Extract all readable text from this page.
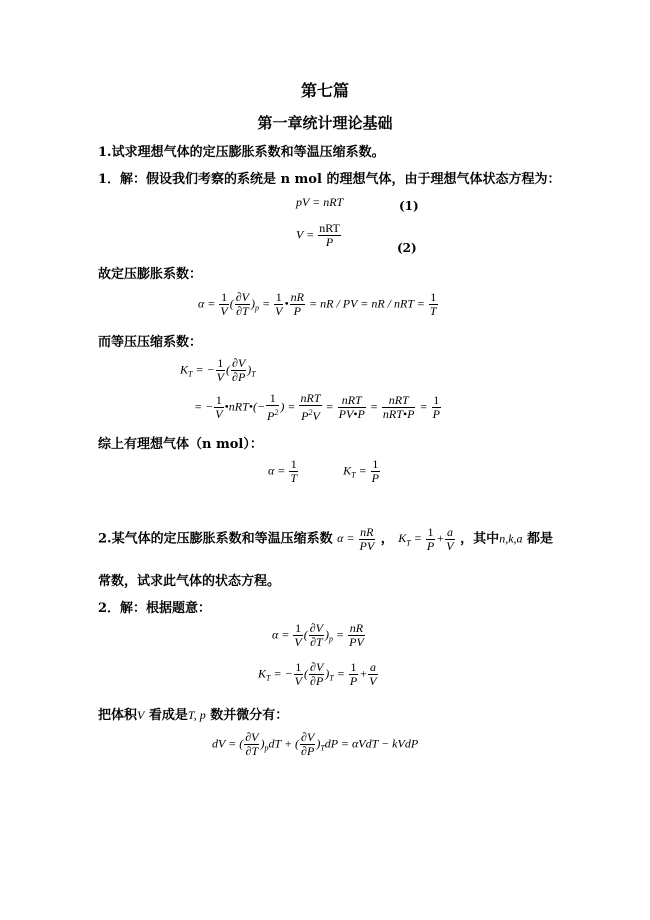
第七篇
第一章统计理论基础
1.试求理想气体的定压膨胀系数和等温压缩系数。
1．解：假设我们考察的系统是 n mol 的理想气体，由于理想气体状态方程为：
pV = nRT	(1)
$V = \frac{\text{nRT}}{P}$	(2)
故定压膨胀系数：
$\alpha = \frac{1}{V}$ ( $\frac{\partial V}{\partial T} )_p = \frac{1}{V}$ • $\frac{nR}{P}$ = nR / PV = nR / nRT = $\frac{1}{T}$
而等压压缩系数：
$K_T$ = − $\frac{1}{V}$ ( $\frac{\partial V}{\partial P} )_T$
= − $\frac{1}{V}$ •nRT•(− $\frac{1}{P^2}$ ) = $\frac{\text{nRT}}{P^2V} = \frac{\text{nRT}}{PV•P} = \frac{\text{nRT}}{\text{nRT•P}} = \frac{1}{P}$
综上有理想气体（n mol）：
$\alpha = \frac{1}{T}$	$K_T = \frac{1}{P}$
2.某气体的定压膨胀系数和等温压缩系数 $\alpha = \frac{nR}{PV}$ ， $K_T = \frac{1}{P} + \frac{a}{V}$ ，其中n,k,a 都是
常数，试求此气体的状态方程。
2．解：根据题意：
$\alpha = \frac{1}{V}$ ( $\frac{\partial V}{\partial T} )_p = \frac{nR}{PV}$
$K_T$ = − $\frac{1}{V}$ ( $\frac{\partial V}{\partial P} )_T = \frac{1}{P} + \frac{a}{V}$
把体积V 看成是T, p 数并微分有：
dV = ( $\frac{\partial V}{\partial T} )_pdT$ + ( $\frac{\partial V}{\partial P} )_TdP = \alpha VdT$ − kVdP
